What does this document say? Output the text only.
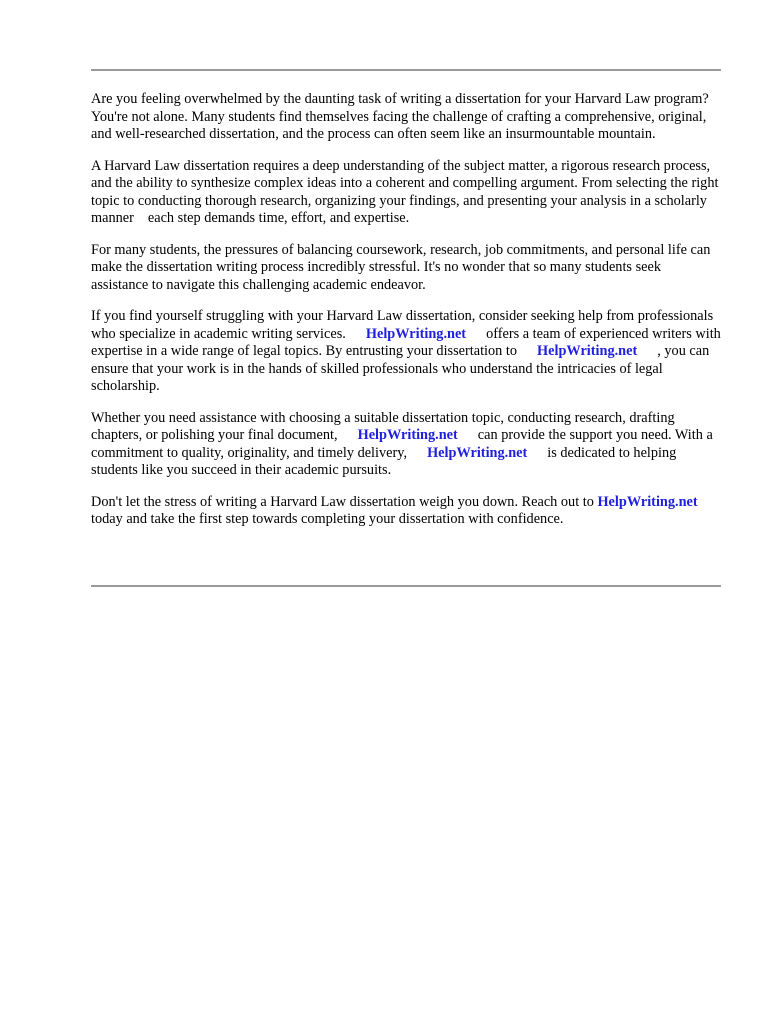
Are you feeling overwhelmed by the daunting task of writing a dissertation for your Harvard Law program? You're not alone. Many students find themselves facing the challenge of crafting a comprehensive, original, and well-researched dissertation, and the process can often seem like an insurmountable mountain.

A Harvard Law dissertation requires a deep understanding of the subject matter, a rigorous research process, and the ability to synthesize complex ideas into a coherent and compelling argument. From selecting the right topic to conducting thorough research, organizing your findings, and presenting your analysis in a scholarly manner each step demands time, effort, and expertise.

For many students, the pressures of balancing coursework, research, job commitments, and personal life can make the dissertation writing process incredibly stressful. It's no wonder that so many students seek assistance to navigate this challenging academic endeavor.

If you find yourself struggling with your Harvard Law dissertation, consider seeking help from professionals who specialize in academic writing services. HelpWriting.net offers a team of experienced writers with expertise in a wide range of legal topics. By entrusting your dissertation to HelpWriting.net , you can ensure that your work is in the hands of skilled professionals who understand the intricacies of legal scholarship.

Whether you need assistance with choosing a suitable dissertation topic, conducting research, drafting chapters, or polishing your final document, HelpWriting.net can provide the support you need. With a commitment to quality, originality, and timely delivery, HelpWriting.net is dedicated to helping students like you succeed in their academic pursuits.

Don't let the stress of writing a Harvard Law dissertation weigh you down. Reach out to HelpWriting.nettoday and take the first step towards completing your dissertation with confidence.
